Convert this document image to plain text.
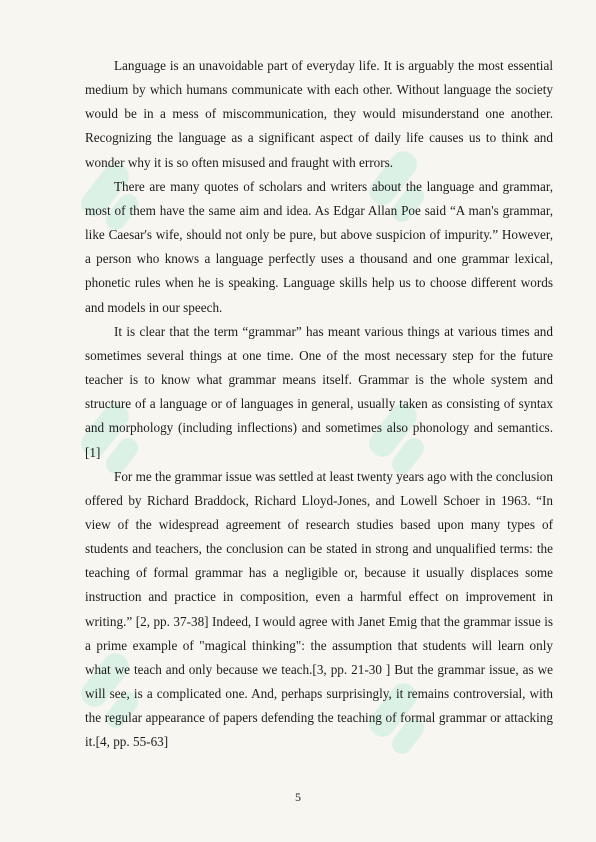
Language is an unavoidable part of everyday life. It is arguably the most essential medium by which humans communicate with each other. Without language the society would be in a mess of miscommunication, they would misunderstand one another. Recognizing the language as a significant aspect of daily life causes us to think and wonder why it is so often misused and fraught with errors.

There are many quotes of scholars and writers about the language and grammar, most of them have the same aim and idea. As Edgar Allan Poe said “A man's grammar, like Caesar's wife, should not only be pure, but above suspicion of impurity.” However, a person who knows a language perfectly uses a thousand and one grammar lexical, phonetic rules when he is speaking. Language skills help us to choose different words and models in our speech.

It is clear that the term “grammar” has meant various things at various times and sometimes several things at one time. One of the most necessary step for the future teacher is to know what grammar means itself. Grammar is the whole system and structure of a language or of languages in general, usually taken as consisting of syntax and morphology (including inflections) and sometimes also phonology and semantics. [1]

For me the grammar issue was settled at least twenty years ago with the conclusion offered by Richard Braddock, Richard Lloyd-Jones, and Lowell Schoer in 1963. “In view of the widespread agreement of research studies based upon many types of students and teachers, the conclusion can be stated in strong and unqualified terms: the teaching of formal grammar has a negligible or, because it usually displaces some instruction and practice in composition, even a harmful effect on improvement in writing.” [2, pp. 37-38] Indeed, I would agree with Janet Emig that the grammar issue is a prime example of "magical thinking": the assumption that students will learn only what we teach and only because we teach.[3, pp. 21-30 ] But the grammar issue, as we will see, is a complicated one. And, perhaps surprisingly, it remains controversial, with the regular appearance of papers defending the teaching of formal grammar or attacking it.[4, pp. 55-63]

5
